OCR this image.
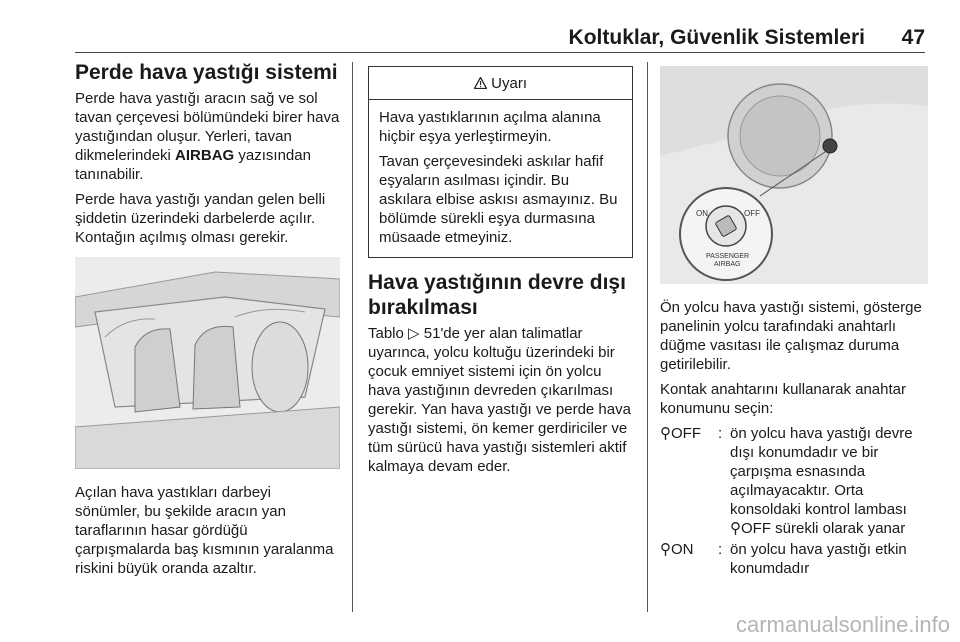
Koltuklar, Güvenlik Sistemleri 47
Perde hava yastığı sistemi

Perde hava yastığı aracın sağ ve sol tavan çerçevesi bölümündeki birer hava yastığından oluşur. Yerleri, tavan dikmelerindeki AIRBAG yazısından tanınabilir.

Perde hava yastığı yandan gelen belli şiddetin üzerindeki darbelerde açılır. Kontağın açılmış olması gerekir.

Açılan hava yastıkları darbeyi sönümler, bu şekilde aracın yan taraflarının hasar gördüğü çarpışmalarda baş kısmının yaralanma riskini büyük oranda azaltır.

Uyarı

Hava yastıklarının açılma alanına hiçbir eşya yerleştirmeyin.

Tavan çerçevesindeki askılar hafif eşyaların asılması içindir. Bu askılara elbise askısı asmayınız. Bu bölümde sürekli eşya durmasına müsaade etmeyiniz.

Hava yastığının devre dışı bırakılması

Tablo ▷ 51'de yer alan talimatlar uyarınca, yolcu koltuğu üzerindeki bir çocuk emniyet sistemi için ön yolcu hava yastığının devreden çıkarılması gerekir. Yan hava yastığı ve perde hava yastığı sistemi, ön kemer gerdiriciler ve tüm sürücü hava yastığı sistemleri aktif kalmaya devam eder.

ON	OFF
PASSENGER
AIRBAG

Ön yolcu hava yastığı sistemi, gösterge panelinin yolcu tarafındaki anahtarlı düğme vasıtası ile çalışmaz duruma getirilebilir.

Kontak anahtarını kullanarak anahtar konumunu seçin:

⚲OFF	: ön yolcu hava yastığı devre dışı konumdadır ve bir çarpışma esnasında açılmayacaktır. Orta konsoldaki kontrol lambası
⚲OFF sürekli olarak yanar
⚲ON	: ön yolcu hava yastığı etkin konumdadır
carmanualsonline.info
